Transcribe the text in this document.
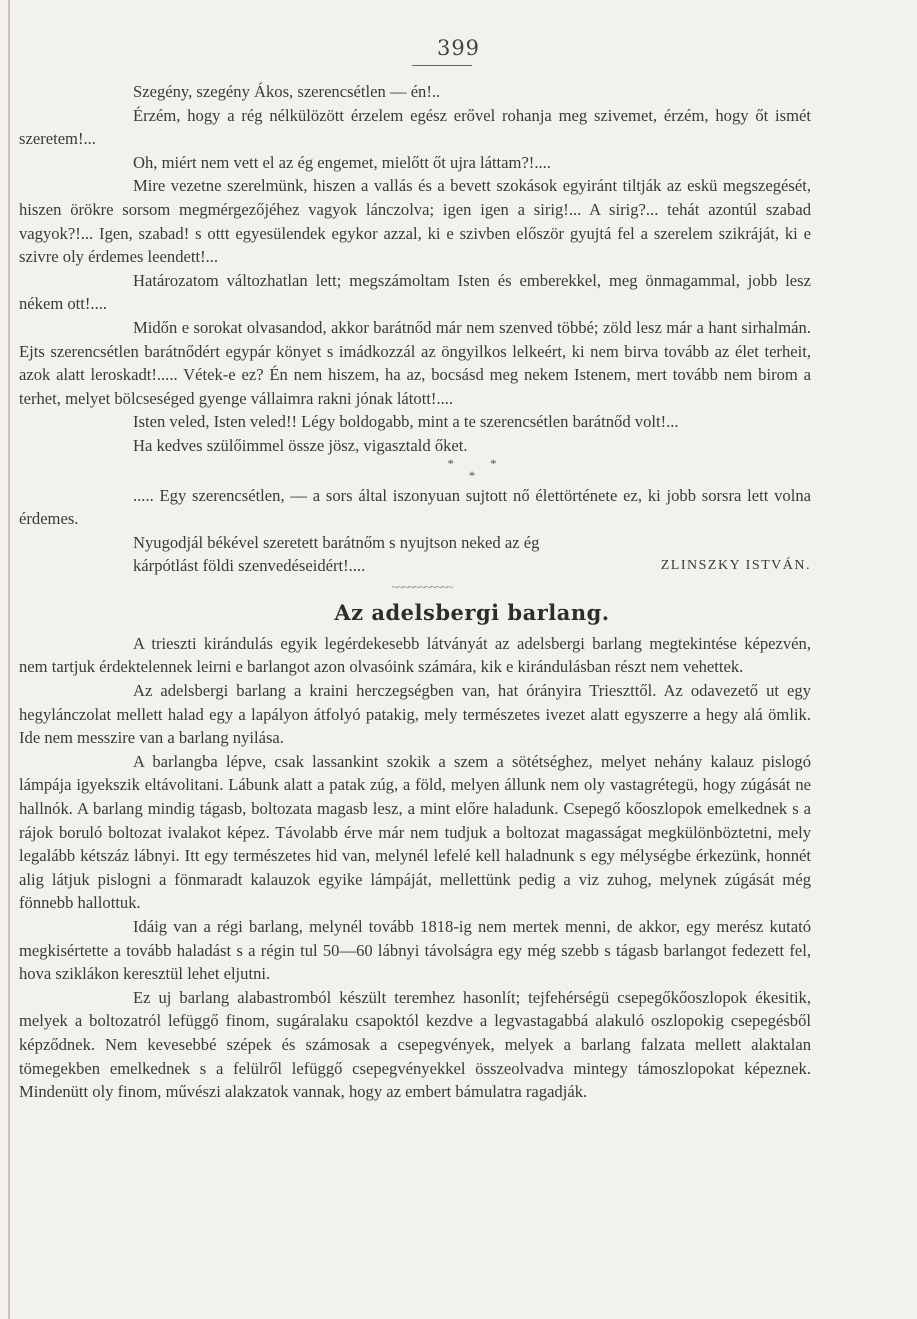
399

Szegény, szegény Ákos, szerencsétlen — én!..

Érzém, hogy a rég nélkülözött érzelem egész erővel rohanja meg szivemet, érzém, hogy őt ismét szeretem!...

Oh, miért nem vett el az ég engemet, mielőtt őt ujra láttam?!....

Mire vezetne szerelmünk, hiszen a vallás és a bevett szokások egyiránt tiltják az eskü megszegését, hiszen örökre sorsom megmérgezőjéhez vagyok lánczolva; igen igen a sirig!... A sirig?... tehát azontúl szabad vagyok?!... Igen, szabad! s ottt egyesülendek egykor azzal, ki e szivben először gyujtá fel a szerelem szikráját, ki e szivre oly érdemes leendett!...

Határozatom változhatlan lett; megszámoltam Isten és emberekkel, meg önmagammal, jobb lesz nékem ott!....

Midőn e sorokat olvasandod, akkor barátnőd már nem szenved többé; zöld lesz már a hant sirhalmán. Ejts szerencsétlen barátnődért egypár könyet s imádkozzál az öngyilkos lelkeért, ki nem birva tovább az élet terheit, azok alatt leroskadt!..... Vétek-e ez? Én nem hiszem, ha az, bocsásd meg nekem Istenem, mert tovább nem birom a terhet, melyet bölcseséged gyenge vállaimra rakni jónak látott!....

Isten veled, Isten veled!! Légy boldogabb, mint a te szerencsétlen barátnőd volt!...

Ha kedves szülőimmel össze jösz, vigasztald őket.

**
*

..... Egy szerencsétlen, — a sors által iszonyuan sujtott nő élettörténete ez, ki jobb sorsra lett volna érdemes.

Nyugodjál békével szeretett barátnőm s nyujtson neked az ég kárpótlást földi szenvedéseidért!....	ZLINSZKY ISTVÁN.
~~~~~~~~~~~
Az adelsbergi barlang.

A trieszti kirándulás egyik legérdekesebb látványát az adelsbergi barlang megtekintése képezvén, nem tartjuk érdektelennek leirni e barlangot azon olvasóink számára, kik e kirándulásban részt nem vehettek.

Az adelsbergi barlang a kraini herczegségben van, hat órányira Trieszttől. Az odavezető ut egy hegylánczolat mellett halad egy a lapályon átfolyó patakig, mely természetes ivezet alatt egyszerre a hegy alá ömlik. Ide nem messzire van a barlang nyilása.

A barlangba lépve, csak lassankint szokik a szem a sötétséghez, melyet nehány kalauz pislogó lámpája igyekszik eltávolitani. Lábunk alatt a patak zúg, a föld, melyen állunk nem oly vastagrétegü, hogy zúgását ne hallnók. A barlang mindig tágasb, boltozata magasb lesz, a mint előre haladunk. Csepegő kőoszlopok emelkednek s a rájok boruló boltozat ivalakot képez. Távolabb érve már nem tudjuk a boltozat magasságat megkülönböztetni, mely legalább kétszáz lábnyi. Itt egy természetes hid van, melynél lefelé kell haladnunk s egy mélységbe érkezünk, honnét alig látjuk pislogni a fönmaradt kalauzok egyike lámpáját, mellettünk pedig a viz zuhog, melynek zúgását még fönnebb hallottuk.

Idáig van a régi barlang, melynél tovább 1818-ig nem mertek menni, de akkor, egy merész kutató megkisértette a tovább haladást s a régin tul 50—60 lábnyi távolságra egy még szebb s tágasb barlangot fedezett fel, hova sziklákon keresztül lehet eljutni.

Ez uj barlang alabastromból készült teremhez hasonlít; tejfehérségü csepegőkőoszlopok ékesitik, melyek a boltozatról lefüggő finom, sugáralaku csapoktól kezdve a legvastagabbá alakuló oszlopokig csepegésből képződnek. Nem kevesebbé szépek és számosak a csepegvények, melyek a barlang falzata mellett alaktalan tömegekben emelkednek s a felülről lefüggő csepegvényekkel összeolvadva mintegy támoszlopokat képeznek. Mindenütt oly finom, művészi alakzatok vannak, hogy az embert bámulatra ragadják.
